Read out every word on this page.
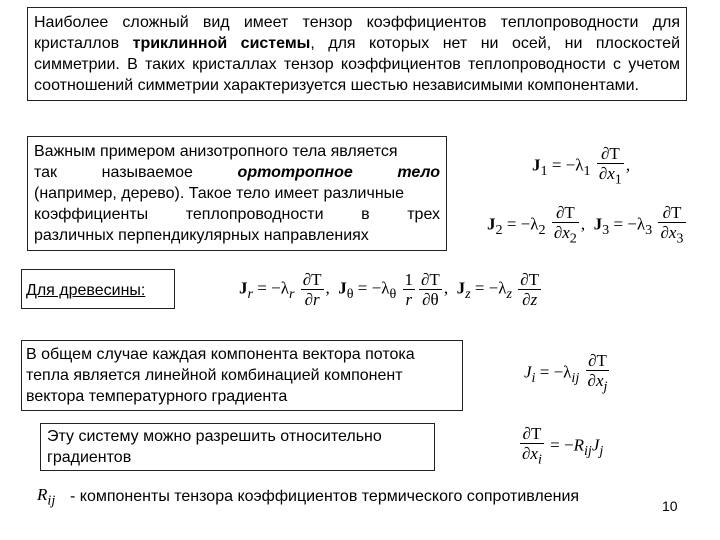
Наиболее сложный вид имеет тензор коэффициентов теплопроводности для кристаллов триклинной системы, для которых нет ни осей, ни плоскостей симметрии. В таких кристаллах тензор коэффициентов теплопроводности с учетом соотношений симметрии характеризуется шестью независимыми компонентами.
Важным примером анизотропного тела является
так	называемое	ортотропное	тело
(например, дерево). Такое тело имеет различные
коэффициенты теплопроводности в трех
различных перпендикулярных направлениях
$J_1 = -\lambda_1 \frac{\partial T}{\partial x_1}$ ,
$J_2 = -\lambda_2 \frac{\partial T}{\partial x_2}$ , $J_3 = -\lambda_3 \frac{\partial T}{\partial x_3}$
Для древесины:	$J_r = -\lambda_r \frac{\partial T}{\partial r}$ , $J_\theta = -\lambda_\theta \frac{1}{r} \frac{\partial T}{\partial\theta}$ , $J_z = -\lambda_z \frac{\partial T}{\partial z}$
В общем случае каждая компонента вектора потока тепла является линейной комбинацией компонент вектора температурного градиента
$J_i = -\lambda_{ij} \frac{\partial T}{\partial x_j}$
Эту систему можно разрешить относительно градиентов	$\frac{\partial T}{\partial x_i} = -R_{ij}J_j$
$R_{ij}$ - компоненты тензора коэффициентов термического сопротивления
10
